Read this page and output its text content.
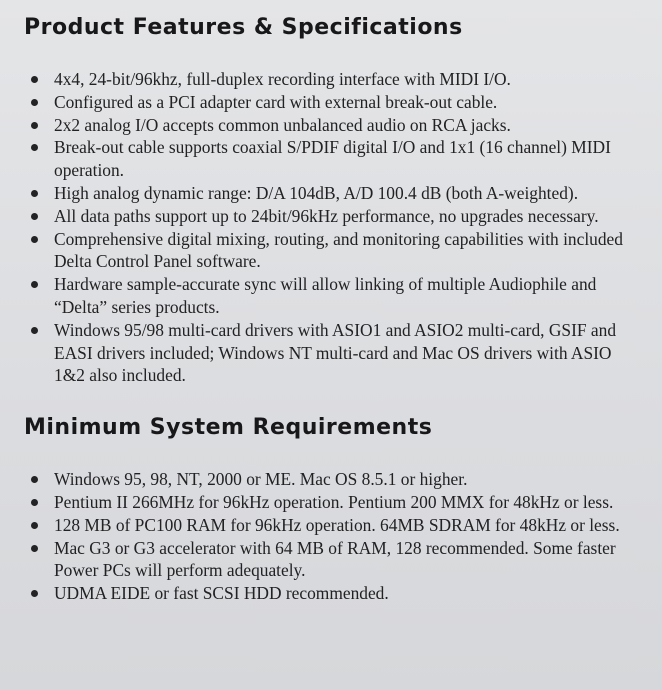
Product Features & Specifications
4x4, 24-bit/96khz, full-duplex recording interface with MIDI I/O.
Configured as a PCI adapter card with external break-out cable.
2x2 analog I/O accepts common unbalanced audio on RCA jacks.
Break-out cable supports coaxial S/PDIF digital I/O and 1x1 (16 channel) MIDI operation.
High analog dynamic range: D/A 104dB, A/D 100.4 dB (both A-weighted).
All data paths support up to 24bit/96kHz performance, no upgrades necessary.
Comprehensive digital mixing, routing, and monitoring capabilities with included Delta Control Panel software.
Hardware sample-accurate sync will allow linking of multiple Audiophile and “Delta” series products.
Windows 95/98 multi-card drivers with ASIO1 and ASIO2 multi-card, GSIF and EASI drivers included; Windows NT multi-card and Mac OS drivers with ASIO 1&2 also included.
Minimum System Requirements
Windows 95, 98, NT, 2000 or ME. Mac OS 8.5.1 or higher.
Pentium II 266MHz for 96kHz operation. Pentium 200 MMX for 48kHz or less.
128 MB of PC100 RAM for 96kHz operation. 64MB SDRAM for 48kHz or less.
Mac G3 or G3 accelerator with 64 MB of RAM, 128 recommended. Some faster Power PCs will perform adequately.
UDMA EIDE or fast SCSI HDD recommended.
